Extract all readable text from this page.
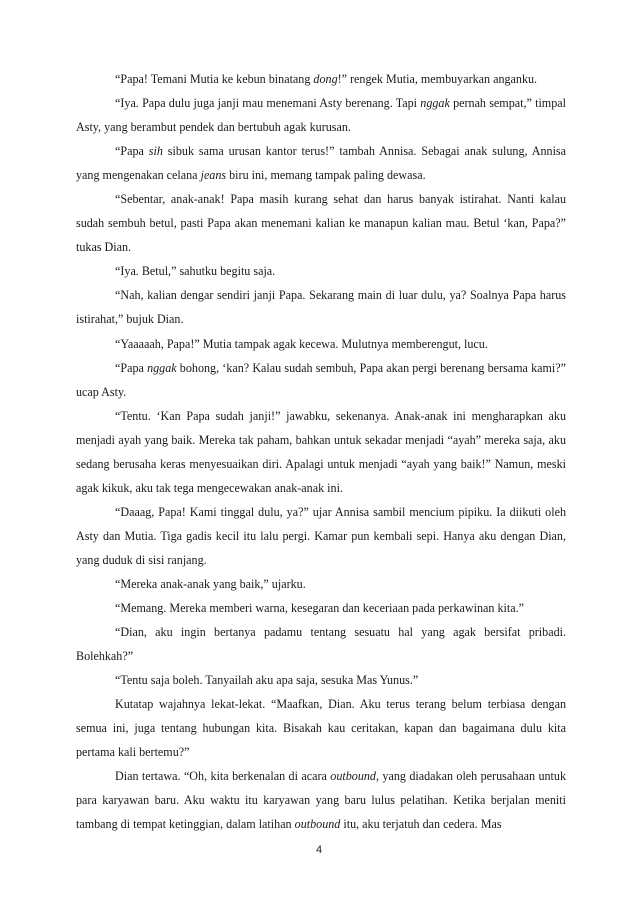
“Papa! Temani Mutia ke kebun binatang dong!” rengek Mutia, membuyarkan anganku.

“Iya. Papa dulu juga janji mau menemani Asty berenang. Tapi nggak pernah sempat,” timpal Asty, yang berambut pendek dan bertubuh agak kurusan.

“Papa sih sibuk sama urusan kantor terus!” tambah Annisa. Sebagai anak sulung, Annisa yang mengenakan celana jeans biru ini, memang tampak paling dewasa.

“Sebentar, anak-anak! Papa masih kurang sehat dan harus banyak istirahat. Nanti kalau sudah sembuh betul, pasti Papa akan menemani kalian ke manapun kalian mau. Betul ‘kan, Papa?” tukas Dian.

“Iya. Betul,” sahutku begitu saja.

“Nah, kalian dengar sendiri janji Papa. Sekarang main di luar dulu, ya? Soalnya Papa harus istirahat,” bujuk Dian.

“Yaaaaah, Papa!” Mutia tampak agak kecewa. Mulutnya memberengut, lucu.

“Papa nggak bohong, ‘kan? Kalau sudah sembuh, Papa akan pergi berenang bersama kami?” ucap Asty.

“Tentu. ‘Kan Papa sudah janji!” jawabku, sekenanya. Anak-anak ini mengharapkan aku menjadi ayah yang baik. Mereka tak paham, bahkan untuk sekadar menjadi “ayah” mereka saja, aku sedang berusaha keras menyesuaikan diri. Apalagi untuk menjadi “ayah yang baik!” Namun, meski agak kikuk, aku tak tega mengecewakan anak-anak ini.

“Daaag, Papa! Kami tinggal dulu, ya?” ujar Annisa sambil mencium pipiku. Ia diikuti oleh Asty dan Mutia. Tiga gadis kecil itu lalu pergi. Kamar pun kembali sepi. Hanya aku dengan Dian, yang duduk di sisi ranjang.

“Mereka anak-anak yang baik,” ujarku.

“Memang. Mereka memberi warna, kesegaran dan keceriaan pada perkawinan kita.”

“Dian, aku ingin bertanya padamu tentang sesuatu hal yang agak bersifat pribadi. Bolehkah?”

“Tentu saja boleh. Tanyailah aku apa saja, sesuka Mas Yunus.”

Kutatap wajahnya lekat-lekat. “Maafkan, Dian. Aku terus terang belum terbiasa dengan semua ini, juga tentang hubungan kita. Bisakah kau ceritakan, kapan dan bagaimana dulu kita pertama kali bertemu?”

Dian tertawa. “Oh, kita berkenalan di acara outbound, yang diadakan oleh perusahaan untuk para karyawan baru. Aku waktu itu karyawan yang baru lulus pelatihan. Ketika berjalan meniti tambang di tempat ketinggian, dalam latihan outbound itu, aku terjatuh dan cedera. Mas

4
